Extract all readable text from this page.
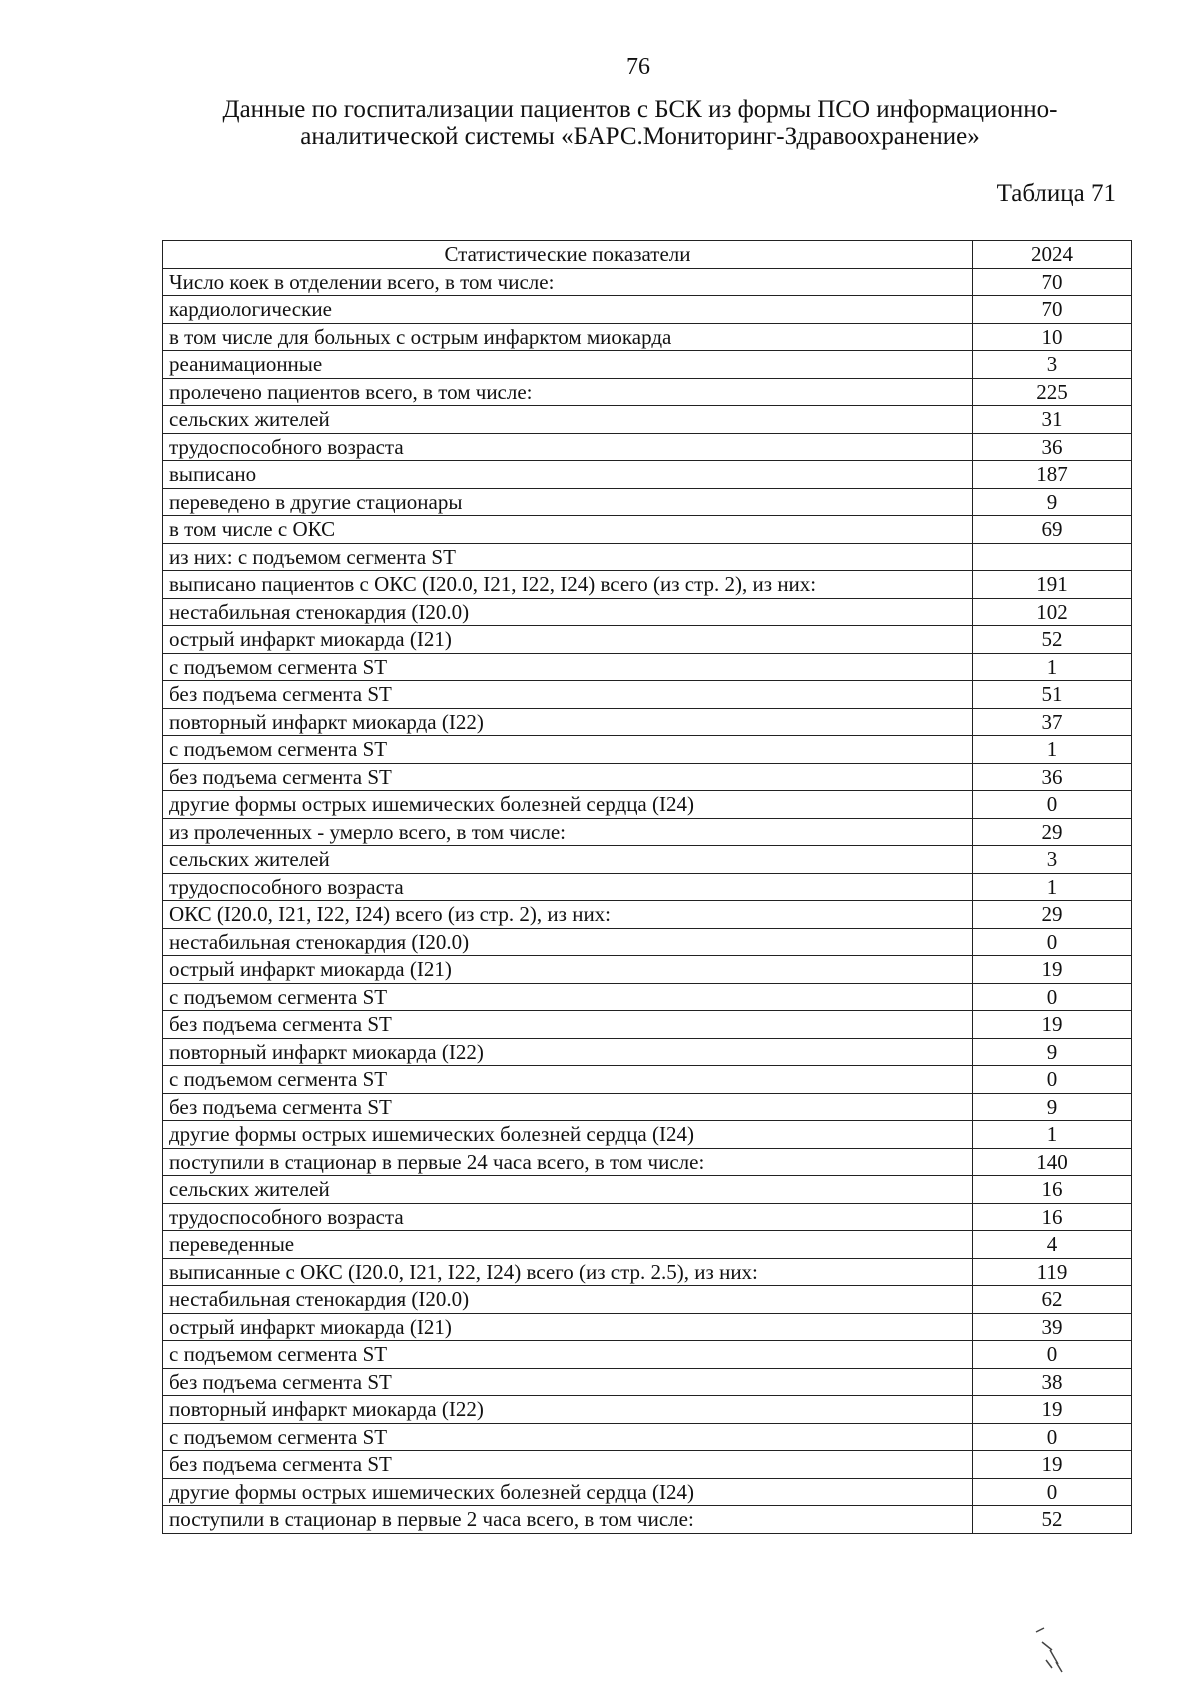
76
Данные по госпитализации пациентов с БСК из формы ПСО информационно-
аналитической системы «БАРС.Мониторинг-Здравоохранение»
Таблица 71
Статистические показатели	2024
Число коек в отделении всего, в том числе:	70
кардиологические	70
в том числе для больных с острым инфарктом миокарда	10
реанимационные	3
пролечено пациентов всего, в том числе:	225
сельских жителей	31
трудоспособного возраста	36
выписано	187
переведено в другие стационары	9
в том числе с ОКС	69
из них: с подъемом сегмента ST	
выписано пациентов с ОКС (I20.0, I21, I22, I24) всего (из стр. 2), из них:	191
нестабильная стенокардия (I20.0)	102
острый инфаркт миокарда (I21)	52
с подъемом сегмента ST	1
без подъема сегмента ST	51
повторный инфаркт миокарда (I22)	37
с подъемом сегмента ST	1
без подъема сегмента ST	36
другие формы острых ишемических болезней сердца (I24)	0
из пролеченных - умерло всего, в том числе:	29
сельских жителей	3
трудоспособного возраста	1
ОКС (I20.0, I21, I22, I24) всего (из стр. 2), из них:	29
нестабильная стенокардия (I20.0)	0
острый инфаркт миокарда (I21)	19
с подъемом сегмента ST	0
без подъема сегмента ST	19
повторный инфаркт миокарда (I22)	9
с подъемом сегмента ST	0
без подъема сегмента ST	9
другие формы острых ишемических болезней сердца (I24)	1
поступили в стационар в первые 24 часа всего, в том числе:	140
сельских жителей	16
трудоспособного возраста	16
переведенные	4
выписанные с ОКС (I20.0, I21, I22, I24) всего (из стр. 2.5), из них:	119
нестабильная стенокардия (I20.0)	62
острый инфаркт миокарда (I21)	39
с подъемом сегмента ST	0
без подъема сегмента ST	38
повторный инфаркт миокарда (I22)	19
с подъемом сегмента ST	0
без подъема сегмента ST	19
другие формы острых ишемических болезней сердца (I24)	0
поступили в стационар в первые 2 часа всего, в том числе:	52
